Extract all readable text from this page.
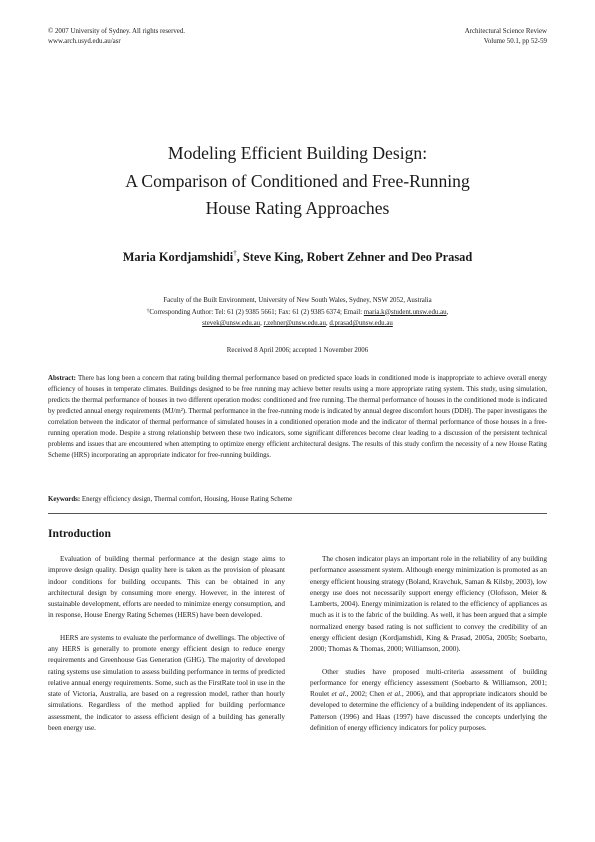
© 2007 University of Sydney. All rights reserved.
www.arch.usyd.edu.au/asr
Architectural Science Review
Volume 50.1, pp 52-59
Modeling Efficient Building Design:
A Comparison of Conditioned and Free-Running
House Rating Approaches
Maria Kordjamshidi†, Steve King, Robert Zehner and Deo Prasad
Faculty of the Built Environment, University of New South Wales, Sydney, NSW 2052, Australia
†Corresponding Author: Tel: 61 (2) 9385 5661; Fax: 61 (2) 9385 6374; Email: maria.k@student.unsw.edu.au,
stevek@unsw.edu.au, r.zehner@unsw.edu.au, d.prasad@unsw.edu.au
Received 8 April 2006; accepted 1 November 2006

Abstract: There has long been a concern that rating building thermal performance based on predicted space loads in conditioned mode is inappropriate to achieve overall energy efficiency of houses in temperate climates. Buildings designed to be free running may achieve better results using a more appropriate rating system. This study, using simulation, predicts the thermal performance of houses in two different operation modes: conditioned and free running. The thermal performance of houses in the conditioned mode is indicated by predicted annual energy requirements (MJ/m²). Thermal performance in the free-running mode is indicated by annual degree discomfort hours (DDH). The paper investigates the correlation between the indicator of thermal performance of simulated houses in a conditioned operation mode and the indicator of thermal performance of those houses in a free-running operation mode. Despite a strong relationship between these two indicators, some significant differences become clear leading to a discussion of the persistent technical problems and issues that are encountered when attempting to optimize energy efficient architectural designs. The results of this study confirm the necessity of a new House Rating Scheme (HRS) incorporating an appropriate indicator for free-running buildings.

Keywords: Energy efficiency design, Thermal comfort, Housing, House Rating Scheme
Introduction

Evaluation of building thermal performance at the design stage aims to improve design quality. Design quality here is taken as the provision of pleasant indoor conditions for building occupants. This can be obtained in any architectural design by consuming more energy. However, in the interest of sustainable development, efforts are needed to minimize energy consumption, and in response, House Energy Rating Schemes (HERS) have been developed.

HERS are systems to evaluate the performance of dwellings. The objective of any HERS is generally to promote energy efficient design to reduce energy requirements and Greenhouse Gas Generation (GHG). The majority of developed rating systems use simulation to assess building performance in terms of predicted relative annual energy requirements. Some, such as the FirstRate tool in use in the state of Victoria, Australia, are based on a regression model, rather than hourly simulations. Regardless of the method applied for building performance assessment, the indicator to assess efficient design of a building has generally been energy use.

The chosen indicator plays an important role in the reliability of any building performance assessment system. Although energy minimization is promoted as an energy efficient housing strategy (Boland, Kravchuk, Saman & Kilsby, 2003), low energy use does not necessarily support energy efficiency (Olofsson, Meier & Lamberts, 2004). Energy minimization is related to the efficiency of appliances as much as it is to the fabric of the building. As well, it has been argued that a simple normalized energy based rating is not sufficient to convey the credibility of an energy efficient design (Kordjamshidi, King & Prasad, 2005a, 2005b; Soebarto, 2000; Thomas & Thomas, 2000; Williamson, 2000).

Other studies have proposed multi-criteria assessment of building performance for energy efficiency assessment (Soebarto & Williamson, 2001; Roulet et al., 2002; Chen et al., 2006), and that appropriate indicators should be developed to determine the efficiency of a building independent of its appliances. Patterson (1996) and Haas (1997) have discussed the concepts underlying the definition of energy efficiency indicators for policy purposes.
